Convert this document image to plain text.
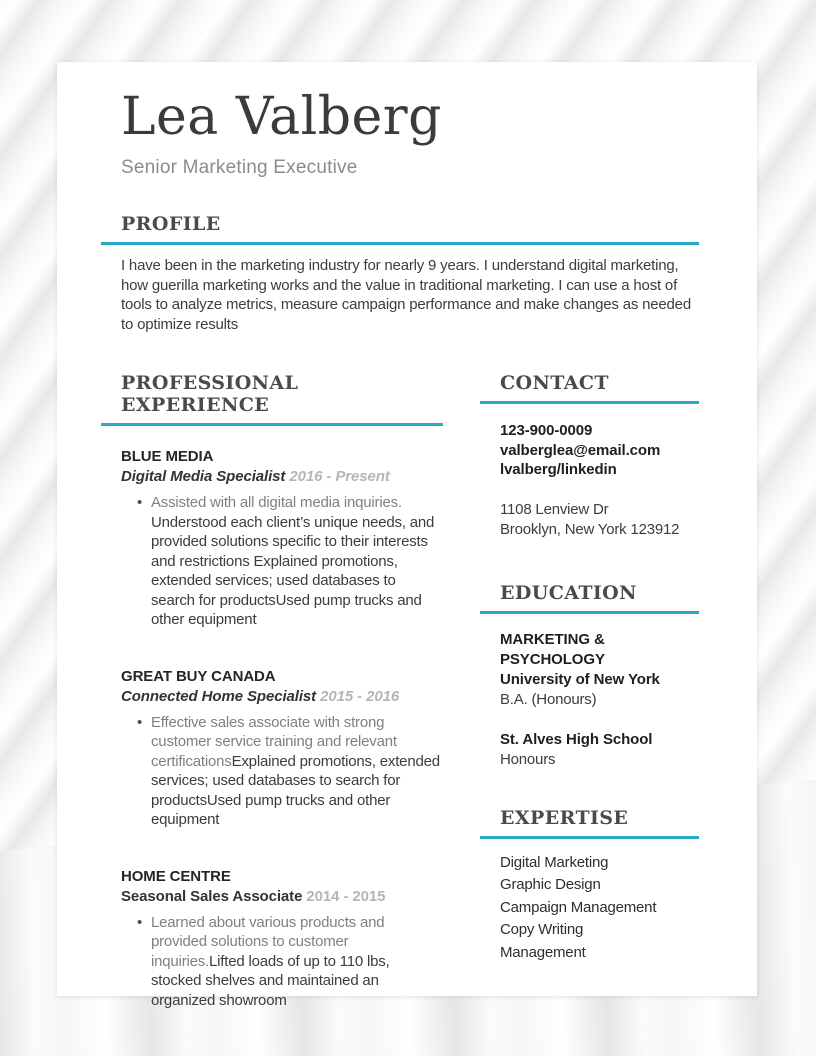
Lea Valberg
Senior Marketing Executive
PROFILE
I have been in the marketing industry for nearly 9 years. I understand digital marketing, how guerilla marketing works and the value in traditional marketing. I can use a host of tools to analyze metrics, measure campaign performance and make changes as needed to optimize results
PROFESSIONAL EXPERIENCE
BLUE MEDIA
Digital Media Specialist 2016 - Present
• Assisted with all digital media inquiries. Understood each client’s unique needs, and provided solutions specific to their interests and restrictions Explained promotions, extended services; used databases to search for productsUsed pump trucks and other equipment
GREAT BUY CANADA
Connected Home Specialist 2015 - 2016
• Effective sales associate with strong customer service training and relevant certificationsExplained promotions, extended services; used databases to search for productsUsed pump trucks and other equipment
HOME CENTRE
Seasonal Sales Associate 2014 - 2015
• Learned about various products and provided solutions to customer inquiries.Lifted loads of up to 110 lbs, stocked shelves and maintained an organized showroom
CONTACT
123-900-0009
valberglea@email.com
lvalberg/linkedin
1108 Lenview Dr
Brooklyn, New York 123912
EDUCATION
MARKETING & PSYCHOLOGY
University of New York
B.A. (Honours)
St. Alves High School
Honours
EXPERTISE
Digital Marketing
Graphic Design
Campaign Management
Copy Writing
Management
